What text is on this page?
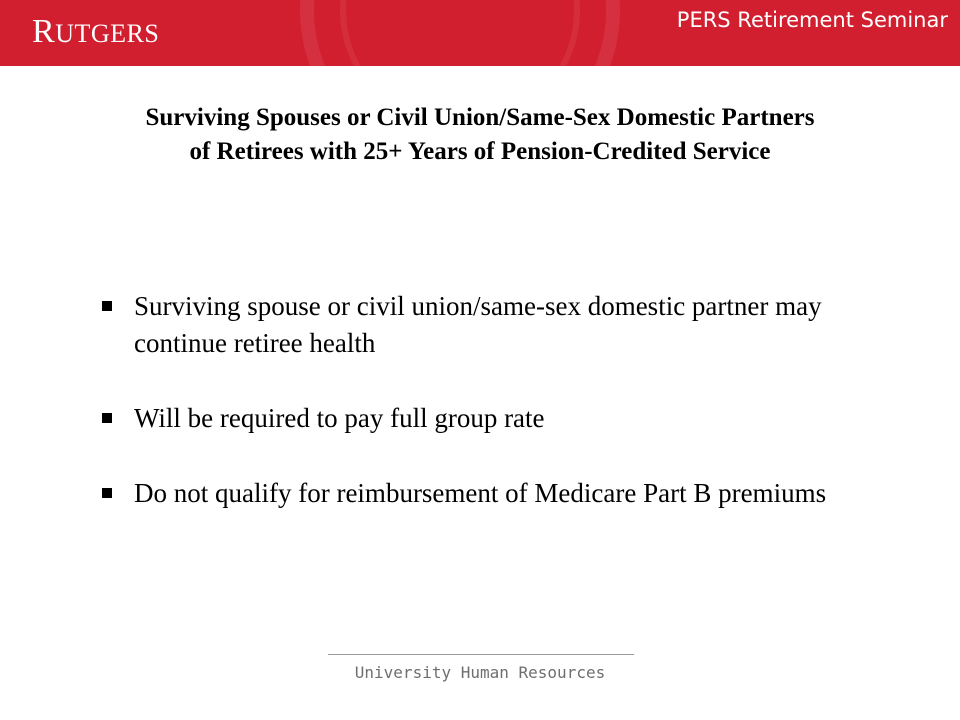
RUTGERS	PERS Retirement Seminar
Surviving Spouses or Civil Union/Same-Sex Domestic Partners
of Retirees with 25+ Years of Pension-Credited Service
Surviving spouse or civil union/same-sex domestic partner may continue retiree health
Will be required to pay full group rate
Do not qualify for reimbursement of Medicare Part B premiums
University Human Resources
